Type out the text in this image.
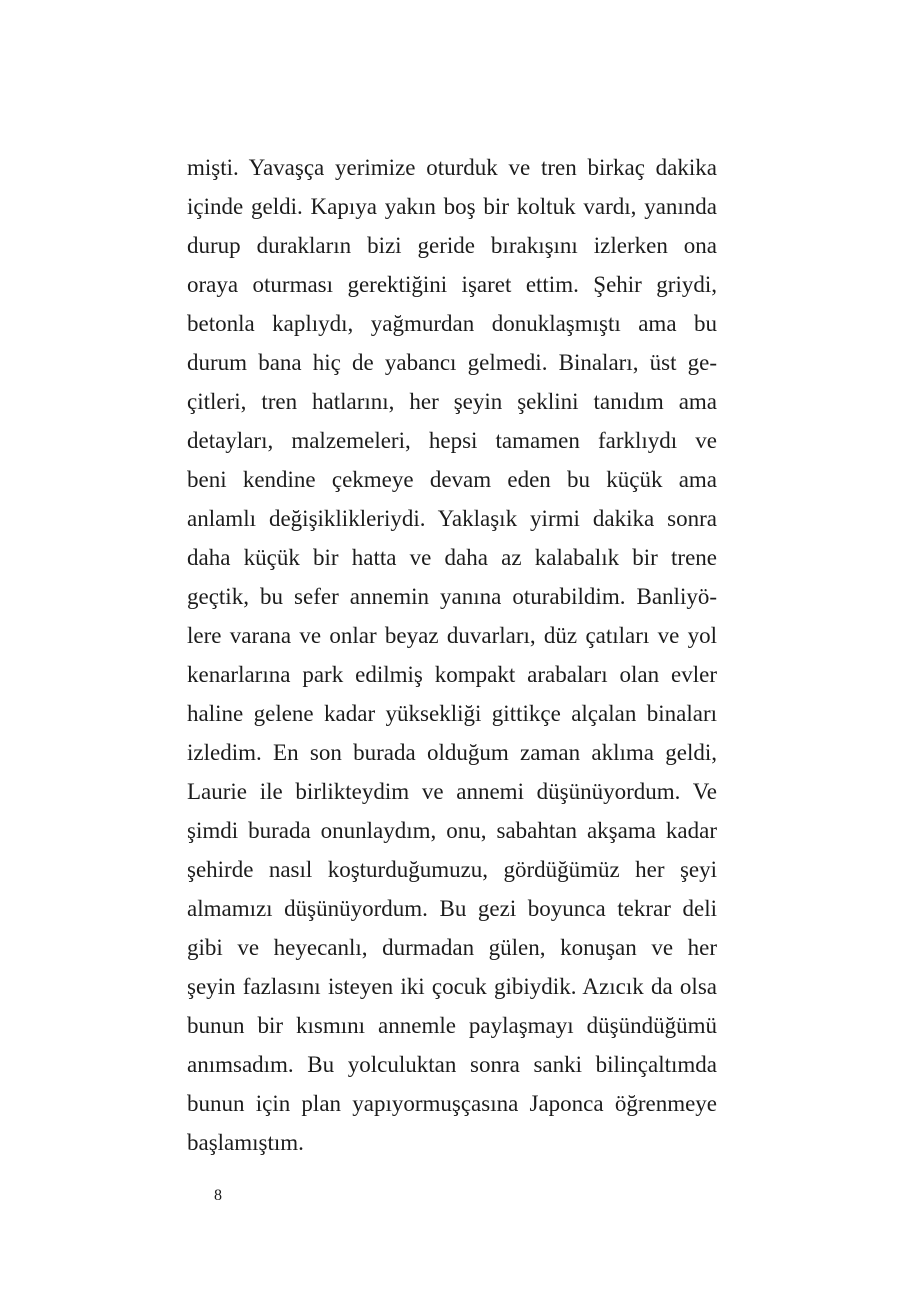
mişti. Yavaşça yerimize oturduk ve tren birkaç dakika
içinde geldi. Kapıya yakın boş bir koltuk vardı, yanında
durup durakların bizi geride bırakışını izlerken ona
oraya oturması gerektiğini işaret ettim. Şehir griydi,
betonla kaplıydı, yağmurdan donuklaşmıştı ama bu
durum bana hiç de yabancı gelmedi. Binaları, üst ge-
çitleri, tren hatlarını, her şeyin şeklini tanıdım ama
detayları, malzemeleri, hepsi tamamen farklıydı ve
beni kendine çekmeye devam eden bu küçük ama
anlamlı değişiklikleriydi. Yaklaşık yirmi dakika sonra
daha küçük bir hatta ve daha az kalabalık bir trene
geçtik, bu sefer annemin yanına oturabildim. Banliyö-
lere varana ve onlar beyaz duvarları, düz çatıları ve yol
kenarlarına park edilmiş kompakt arabaları olan evler
haline gelene kadar yüksekliği gittikçe alçalan binaları
izledim. En son burada olduğum zaman aklıma geldi,
Laurie ile birlikteydim ve annemi düşünüyordum. Ve
şimdi burada onunlaydım, onu, sabahtan akşama kadar
şehirde nasıl koşturduğumuzu, gördüğümüz her şeyi
almamızı düşünüyordum. Bu gezi boyunca tekrar deli
gibi ve heyecanlı, durmadan gülen, konuşan ve her
şeyin fazlasını isteyen iki çocuk gibiydik. Azıcık da olsa
bunun bir kısmını annemle paylaşmayı düşündüğümü
anımsadım. Bu yolculuktan sonra sanki bilinçaltımda
bunun için plan yapıyormuşçasına Japonca öğrenmeye
başlamıştım.
8
